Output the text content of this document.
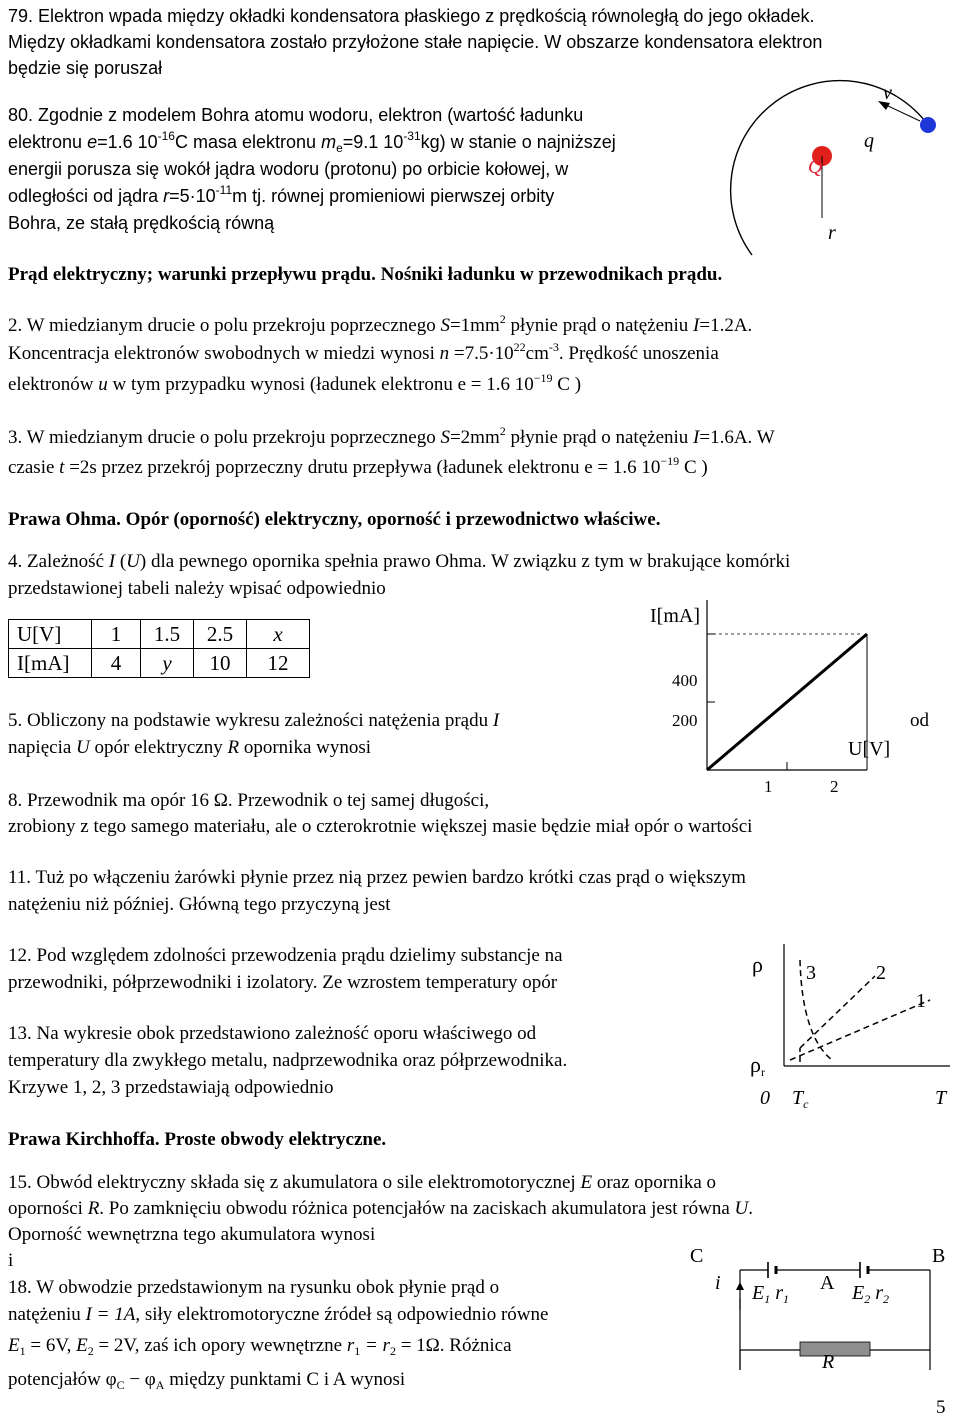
79. Elektron wpada między okładki kondensatora płaskiego z prędkością równoległą do jego okładek.
Między okładkami kondensatora zostało przyłożone stałe napięcie. W obszarze kondensatora elektron
będzie się poruszał
80. Zgodnie z modelem Bohra atomu wodoru, elektron (wartość ładunku
elektronu e=1.6 $10^{-16}C$ masa elektronu $m_e=9.1$ $10^{-31}kg$) w stanie o najniższej
energii porusza się wokół jądra wodoru (protonu) po orbicie kołowej, w
odległości od jądra $r=5\cdot 10^{-11}m$ tj. równej promieniowi pierwszej orbity
Bohra, ze stałą prędkością równą
Q
q
v
r
Prąd elektryczny; warunki przepływu prądu. Nośniki ładunku w przewodnikach prądu.
2. W miedzianym drucie o polu przekroju poprzecznego $S=1mm^2$ płynie prąd o natężeniu I=1.2A.
Koncentracja elektronów swobodnych w miedzi wynosi $n =7.5\cdot 10^{22}cm^{-3}$. Prędkość unoszenia
elektronów u w tym przypadku wynosi (ładunek elektronu e = 1.6 $10^{-19}$ C )
3. W miedzianym drucie o polu przekroju poprzecznego $S=2mm^2$ płynie prąd o natężeniu I=1.6A. W
czasie t =2s przez przekrój poprzeczny drutu przepływa (ładunek elektronu e = 1.6 $10^{-19}$ C )
Prawa Ohma. Opór (oporność) elektryczny, oporność i przewodnictwo właściwe.
4. Zależność I (U) dla pewnego opornika spełnia prawo Ohma. W związku z tym w brakujące komórki
przedstawionej tabeli należy wpisać odpowiednio
U[V]	1	1.5	2.5	x
I[mA]	4	y	10	12
5. Obliczony na podstawie wykresu zależności natężenia prądu I	od
napięcia U opór elektryczny R opornika wynosi
I[mA]
U[V]
400
200
1	2
8. Przewodnik ma opór 16 Ω. Przewodnik o tej samej długości,
zrobiony z tego samego materiału, ale o czterokrotnie większej masie będzie miał opór o wartości
11. Tuż po włączeniu żarówki płynie przez nią przez pewien bardzo krótki czas prąd o większym
natężeniu niż później. Główną tego przyczyną jest
12. Pod względem zdolności przewodzenia prądu dzielimy substancje na
przewodniki, półprzewodniki i izolatory. Ze wzrostem temperatury opór
13. Na wykresie obok przedstawiono zależność oporu właściwego od
temperatury dla zwykłego metalu, nadprzewodnika oraz półprzewodnika.
Krzywe 1, 2, 3 przedstawiają odpowiednio
ρ
$\rho_r$
0 $T_c$	T
3	2
1
Prawa Kirchhoffa. Proste obwody elektryczne.
15. Obwód elektryczny składa się z akumulatora o sile elektromotorycznej E oraz opornika o
oporności R. Po zamknięciu obwodu różnica potencjałów na zaciskach akumulatora jest równa U.
Oporność wewnętrzna tego akumulatora wynosi
i
18. W obwodzie przedstawionym na rysunku obok płynie prąd o
natężeniu I = 1A, siły elektromotoryczne źródeł są odpowiednio równe
$E_1 = 6V$, $E_2 = 2V$, zaś ich opory wewnętrzne $r_1 = r_2 = 1\Omega$. Różnica
potencjałów $\varphi_C - \varphi_A$ między punktami C i A wynosi
C	B
A
$E_1$ $r_1$	$E_2$ $r_2$
R
i
5
